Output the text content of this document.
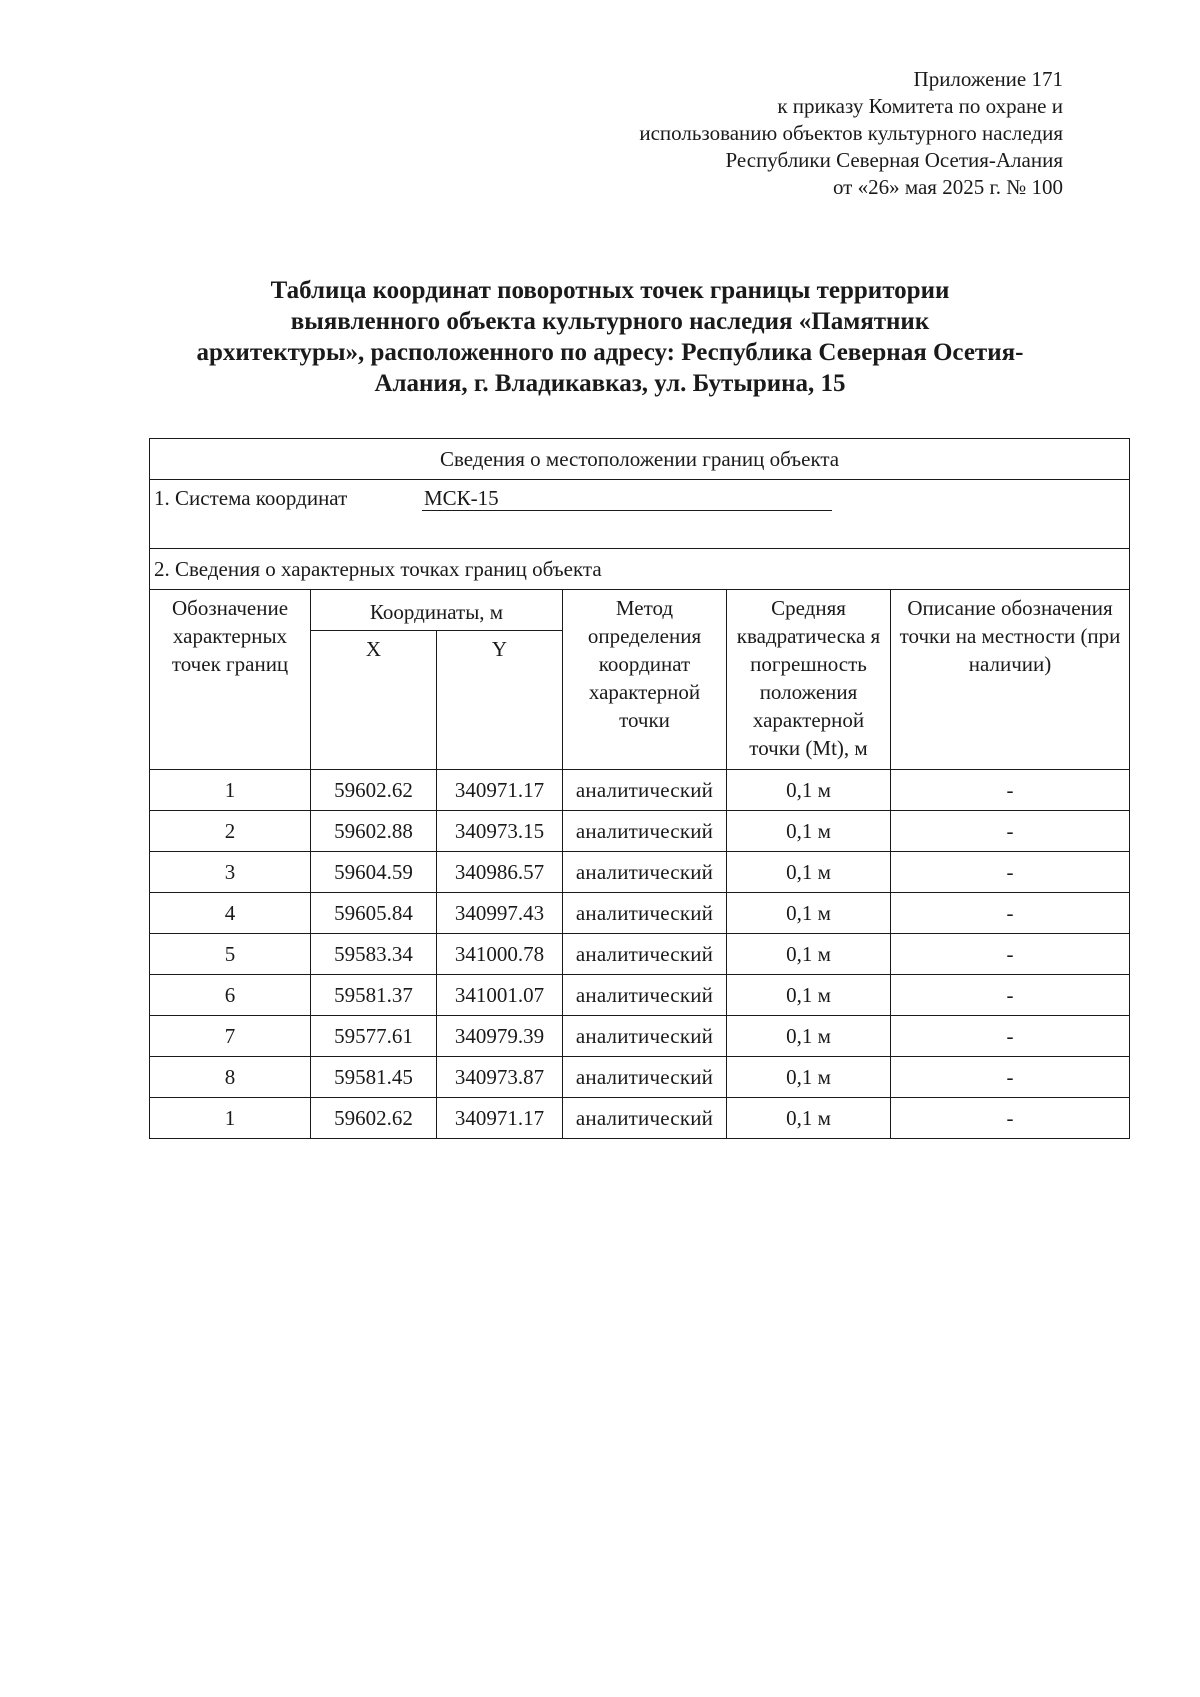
Приложение 171
к приказу Комитета по охране и
использованию объектов культурного наследия
Республики Северная Осетия-Алания
от «26» мая 2025 г. № 100
Таблица координат поворотных точек границы территории
выявленного объекта культурного наследия «Памятник
архитектуры», расположенного по адресу: Республика Северная Осетия-
Алания, г. Владикавказ, ул. Бутырина, 15
Сведения о местоположении границ объекта					
1. Система координат МСК-15					
2. Сведения о характерных точках границ объекта					
Обозначение характерных точек границ	Координаты, м		Метод определения координат характерной точки	Средняя квадратическа я погрешность положения характерной точки (Mt), м	Описание обозначения точки на местности (при наличии)
	X	Y			
1	59602.62	340971.17	аналитический	0,1 м	-
2	59602.88	340973.15	аналитический	0,1 м	-
3	59604.59	340986.57	аналитический	0,1 м	-
4	59605.84	340997.43	аналитический	0,1 м	-
5	59583.34	341000.78	аналитический	0,1 м	-
6	59581.37	341001.07	аналитический	0,1 м	-
7	59577.61	340979.39	аналитический	0,1 м	-
8	59581.45	340973.87	аналитический	0,1 м	-
1	59602.62	340971.17	аналитический	0,1 м	-
